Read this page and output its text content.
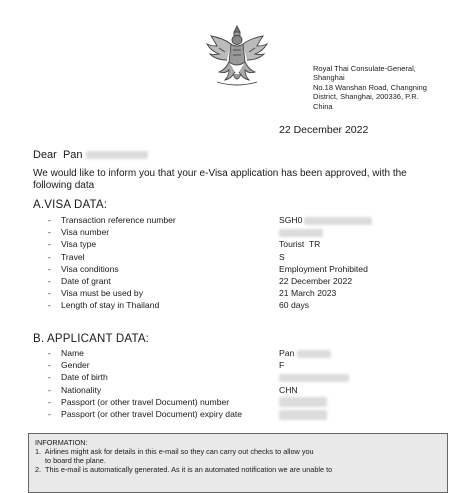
Royal Thai Consulate-General,
Shanghai
No.18 Wanshan Road, Changning
District, Shanghai, 200336, P.R.
China
22 December 2022
Dear Pan
We would like to inform you that your e-Visa application has been approved, with the following data
A.VISA DATA:
- Transaction reference number	SGH0
- Visa number
- Visa type	Tourist  TR
- Travel	S
- Visa conditions	Employment Prohibited
- Date of grant	22 December 2022
- Visa must be used by	21 March 2023
- Length of stay in Thailand	60 days
B. APPLICANT DATA:
- Name	Pan
- Gender	F
- Date of birth
- Nationality	CHN
- Passport (or other travel Document) number
- Passport (or other travel Document) expiry date
INFORMATION:
1.  Airlines might ask for details in this e-mail so they can carry out checks to allow you
to board the plane.
2.  This e-mail is automatically generated. As it is an automated notification we are unable to
